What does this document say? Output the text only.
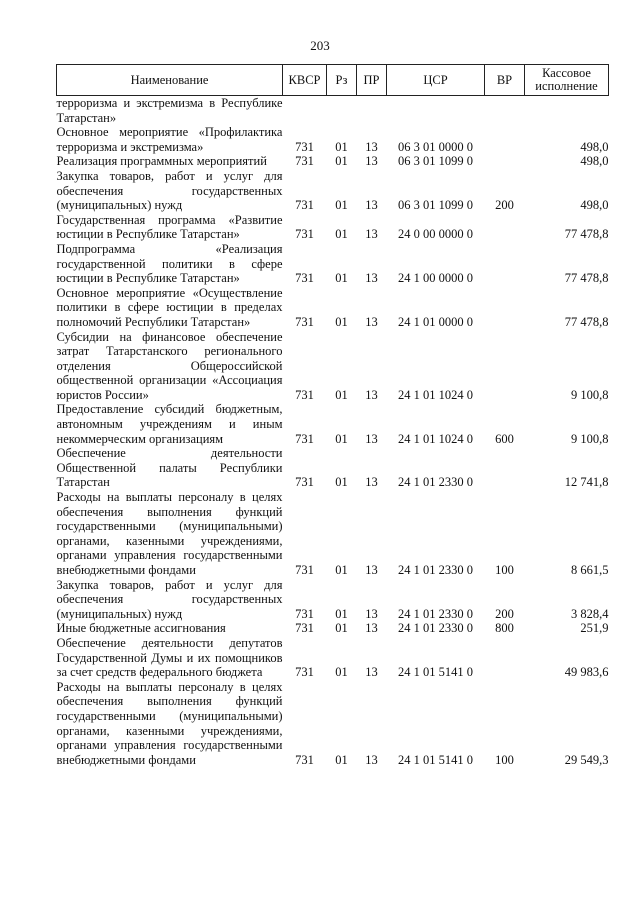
203
Наименование	КВСР	Рз	ПР	ЦСР	ВР	Кассовое исполнение
терроризма и экстремизма в Республике Татарстан»						
Основное мероприятие «Профилактика терроризма и экстремизма»	731	01	13	06 3 01 0000 0		498,0
Реализация программных мероприятий	731	01	13	06 3 01 1099 0		498,0
Закупка товаров, работ и услуг для обеспечения государственных (муниципальных) нужд	731	01	13	06 3 01 1099 0	200	498,0
Государственная программа «Развитие юстиции в Республике Татарстан»	731	01	13	24 0 00 0000 0		77 478,8
Подпрограмма «Реализация государственной политики в сфере юстиции в Республике Татарстан»	731	01	13	24 1 00 0000 0		77 478,8
Основное мероприятие «Осуществление политики в сфере юстиции в пределах полномочий Республики Татарстан»	731	01	13	24 1 01 0000 0		77 478,8
Субсидии на финансовое обеспечение затрат Татарстанского регионального отделения Общероссийской общественной организации «Ассоциация юристов России»	731	01	13	24 1 01 1024 0		9 100,8
Предоставление субсидий бюджетным, автономным учреждениям и иным некоммерческим организациям	731	01	13	24 1 01 1024 0	600	9 100,8
Обеспечение деятельности Общественной палаты Республики Татарстан	731	01	13	24 1 01 2330 0		12 741,8
Расходы на выплаты персоналу в целях обеспечения выполнения функций государственными (муниципальными) органами, казенными учреждениями, органами управления государственными внебюджетными фондами	731	01	13	24 1 01 2330 0	100	8 661,5
Закупка товаров, работ и услуг для обеспечения государственных (муниципальных) нужд	731	01	13	24 1 01 2330 0	200	3 828,4
Иные бюджетные ассигнования	731	01	13	24 1 01 2330 0	800	251,9
Обеспечение деятельности депутатов Государственной Думы и их помощников за счет средств федерального бюджета	731	01	13	24 1 01 5141 0		49 983,6
Расходы на выплаты персоналу в целях обеспечения выполнения функций государственными (муниципальными) органами, казенными учреждениями, органами управления государственными внебюджетными фондами	731	01	13	24 1 01 5141 0	100	29 549,3
